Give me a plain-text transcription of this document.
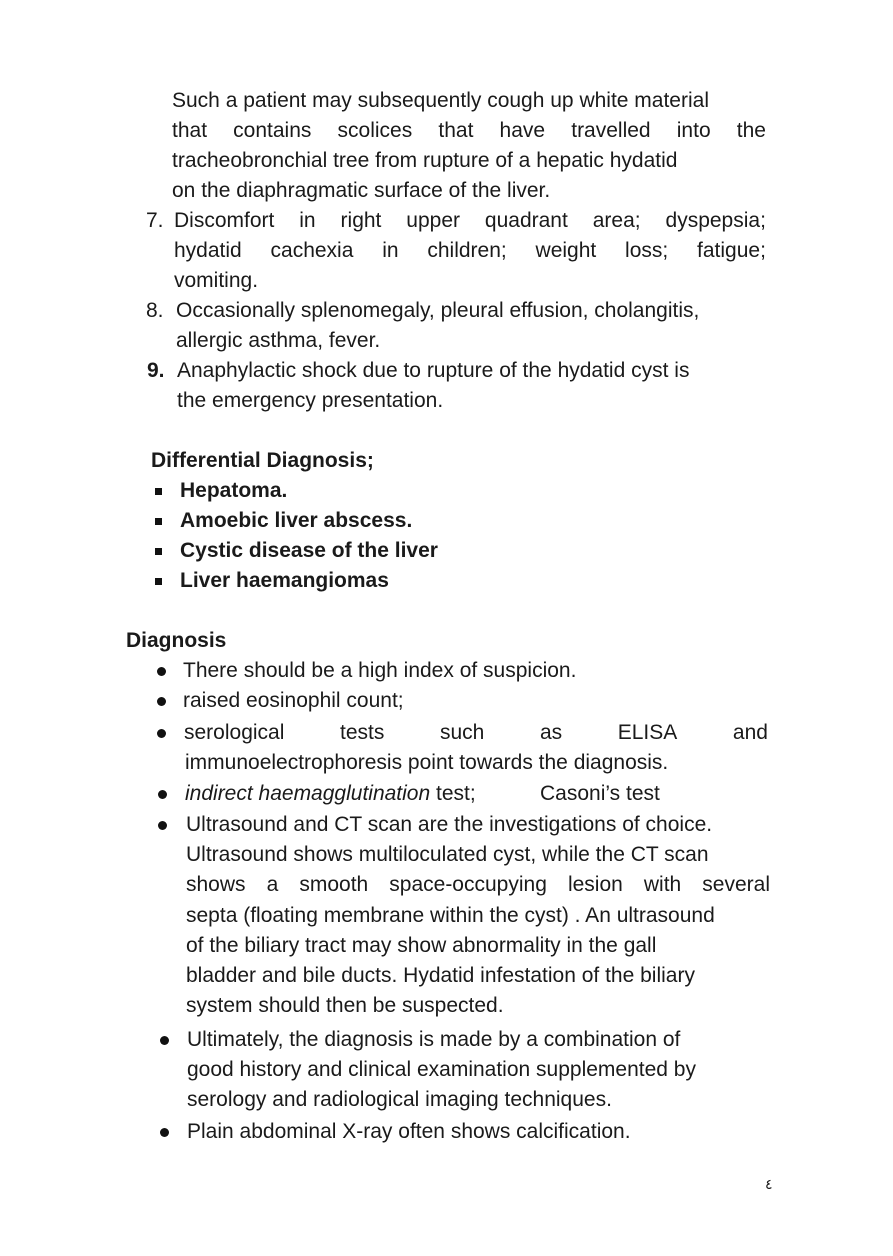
Such a patient may subsequently cough up white material
that contains scolices that have travelled into the
tracheobronchial tree from rupture of a hepatic hydatid
on the diaphragmatic surface of the liver.
7. Discomfort in right upper quadrant area; dyspepsia;
hydatid cachexia in children; weight loss; fatigue;
vomiting.
8. Occasionally splenomegaly, pleural effusion, cholangitis,
allergic asthma, fever.
9. Anaphylactic shock due to rupture of the hydatid cyst is
the emergency presentation.
Differential Diagnosis;
Hepatoma.
Amoebic liver abscess.
Cystic disease of the liver
Liver haemangiomas
Diagnosis
There should be a high index of suspicion.
raised eosinophil count;
serological	tests	such	as	ELISA	and
immunoelectrophoresis point towards the diagnosis.
indirect haemagglutination test;	Casoni’s test
Ultrasound and CT scan are the investigations of choice.
Ultrasound shows multiloculated cyst, while the CT scan
shows a smooth space-occupying lesion with several
septa (floating membrane within the cyst) . An ultrasound
of the biliary tract may show abnormality in the gall
bladder and bile ducts. Hydatid infestation of the biliary
system should then be suspected.
Ultimately, the diagnosis is made by a combination of
good history and clinical examination supplemented by
serology and radiological imaging techniques.
Plain abdominal X-ray often shows calcification.
٤
